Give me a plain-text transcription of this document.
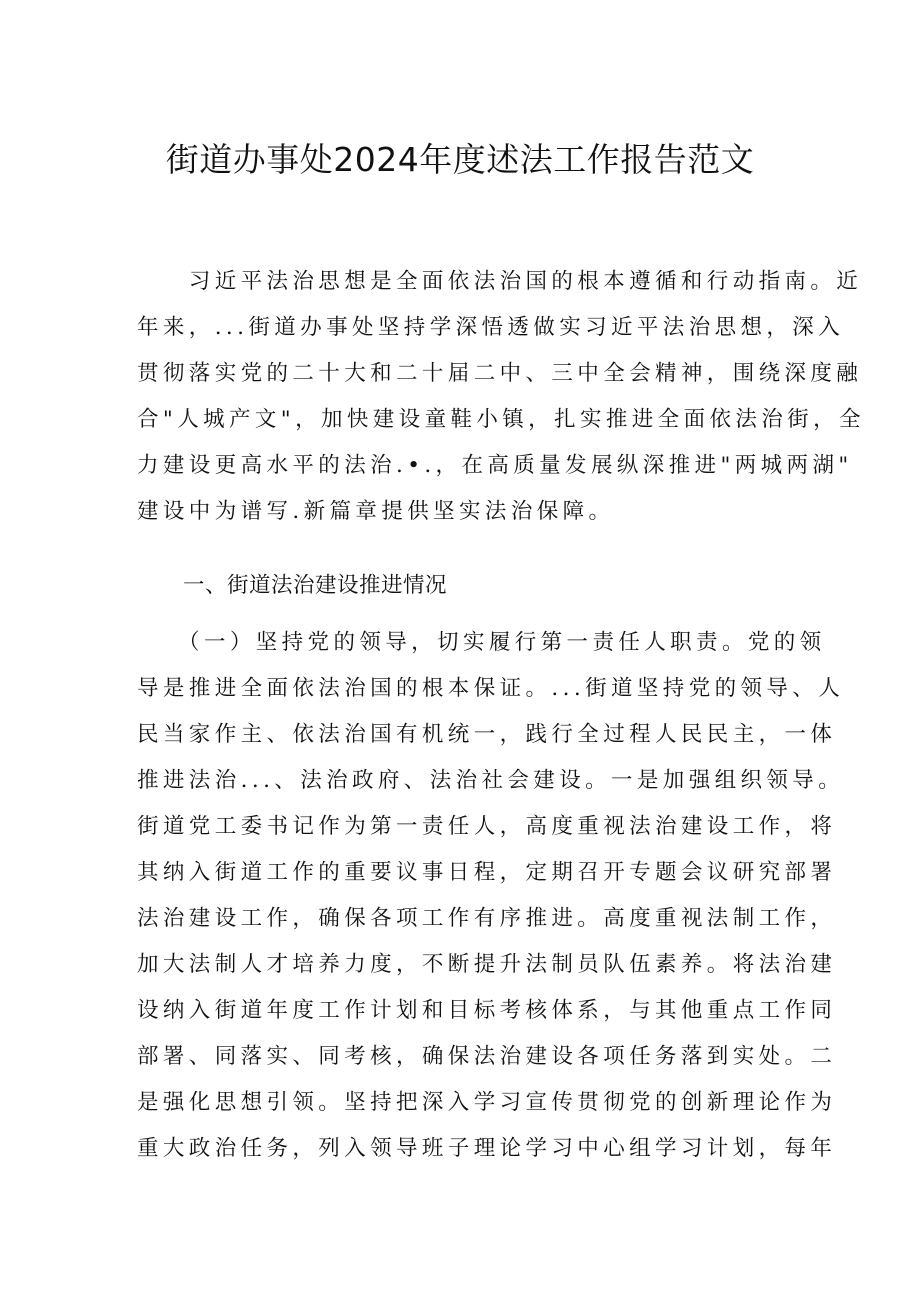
街道办事处2024年度述法工作报告范文
　　习近平法治思想是全面依法治国的根本遵循和行动指南。近
年来，...街道办事处坚持学深悟透做实习近平法治思想，深入
贯彻落实党的二十大和二十届二中、三中全会精神，围绕深度融
合"人城产文"，加快建设童鞋小镇，扎实推进全面依法治街，全
力建设更高水平的法治.•.，在高质量发展纵深推进"两城两湖"
建设中为谱写.新篇章提供坚实法治保障。
一、街道法治建设推进情况
　　（一）坚持党的领导，切实履行第一责任人职责。党的领
导是推进全面依法治国的根本保证。...街道坚持党的领导、人
民当家作主、依法治国有机统一，践行全过程人民民主，一体
推进法治...、法治政府、法治社会建设。一是加强组织领导。
街道党工委书记作为第一责任人，高度重视法治建设工作，将
其纳入街道工作的重要议事日程，定期召开专题会议研究部署
法治建设工作，确保各项工作有序推进。高度重视法制工作，
加大法制人才培养力度，不断提升法制员队伍素养。将法治建
设纳入街道年度工作计划和目标考核体系，与其他重点工作同
部署、同落实、同考核，确保法治建设各项任务落到实处。二
是强化思想引领。坚持把深入学习宣传贯彻党的创新理论作为
重大政治任务，列入领导班子理论学习中心组学习计划，每年
